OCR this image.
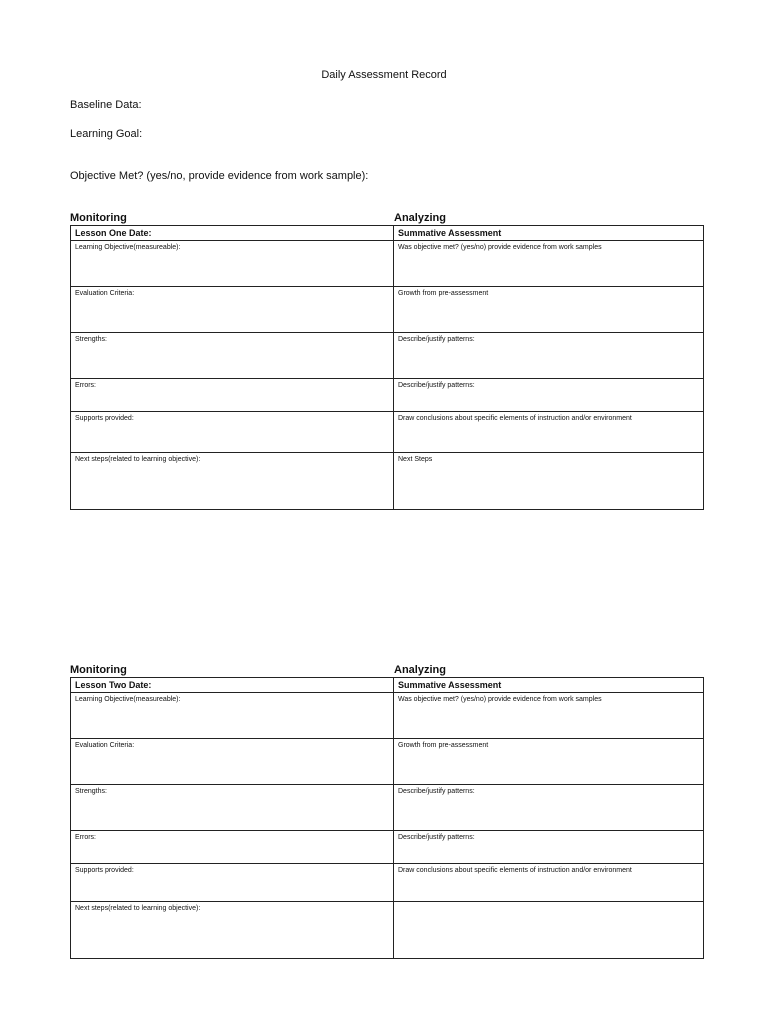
Daily Assessment Record
Baseline Data:
Learning Goal:
Objective Met? (yes/no, provide evidence from work sample):
Monitoring	Analyzing
Lesson One Date:	Summative Assessment
Learning Objective(measureable):	Was objective met? (yes/no) provide evidence from work samples
Evaluation Criteria:	Growth from pre-assessment
Strengths:	Describe/justify patterns:
Errors:	Describe/justify patterns:
Supports provided:	Draw conclusions about specific elements of instruction and/or environment
Next steps(related to learning objective):	Next Steps
Monitoring	Analyzing
Lesson Two Date:	Summative Assessment
Learning Objective(measureable):	Was objective met? (yes/no) provide evidence from work samples
Evaluation Criteria:	Growth from pre-assessment
Strengths:	Describe/justify patterns:
Errors:	Describe/justify patterns:
Supports provided:	Draw conclusions about specific elements of instruction and/or environment
Next steps(related to learning objective):	
